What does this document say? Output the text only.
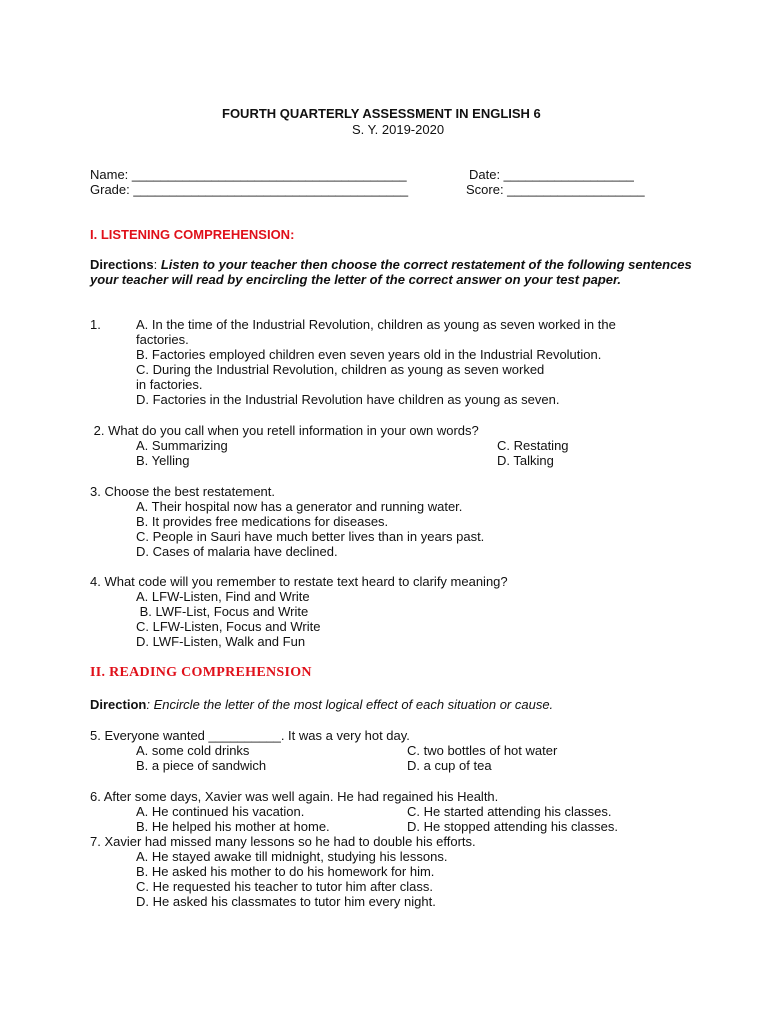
FOURTH QUARTERLY ASSESSMENT IN ENGLISH 6
S. Y. 2019-2020
Name: ______________________________________	Date: __________________
Grade: ______________________________________	Score: ___________________
I. LISTENING COMPREHENSION:
Directions: Listen to your teacher then choose the correct restatement of the following sentences your teacher will read by encircling the letter of the correct answer on your test paper.
1.	A. In the time of the Industrial Revolution, children as young as seven worked in the
factories.
B. Factories employed children even seven years old in the Industrial Revolution.
C. During the Industrial Revolution, children as young as seven worked
in factories.
D. Factories in the Industrial Revolution have children as young as seven.
2. What do you call when you retell information in your own words?
A. Summarizing
B. Yelling
C. Restating
D. Talking
3. Choose the best restatement.
A. Their hospital now has a generator and running water.
B. It provides free medications for diseases.
C. People in Sauri have much better lives than in years past.
D. Cases of malaria have declined.
4. What code will you remember to restate text heard to clarify meaning?
A. LFW-Listen, Find and Write
B. LWF-List, Focus and Write
C. LFW-Listen, Focus and Write
D. LWF-Listen, Walk and Fun
II. READING COMPREHENSION
Direction: Encircle the letter of the most logical effect of each situation or cause.
5. Everyone wanted __________. It was a very hot day.
A. some cold drinks
B. a piece of sandwich
C. two bottles of hot water
D. a cup of tea
6. After some days, Xavier was well again. He had regained his Health.
A. He continued his vacation.
B. He helped his mother at home.
C. He started attending his classes.
D. He stopped attending his classes.
7. Xavier had missed many lessons so he had to double his efforts.
A. He stayed awake till midnight, studying his lessons.
B. He asked his mother to do his homework for him.
C. He requested his teacher to tutor him after class.
D. He asked his classmates to tutor him every night.
